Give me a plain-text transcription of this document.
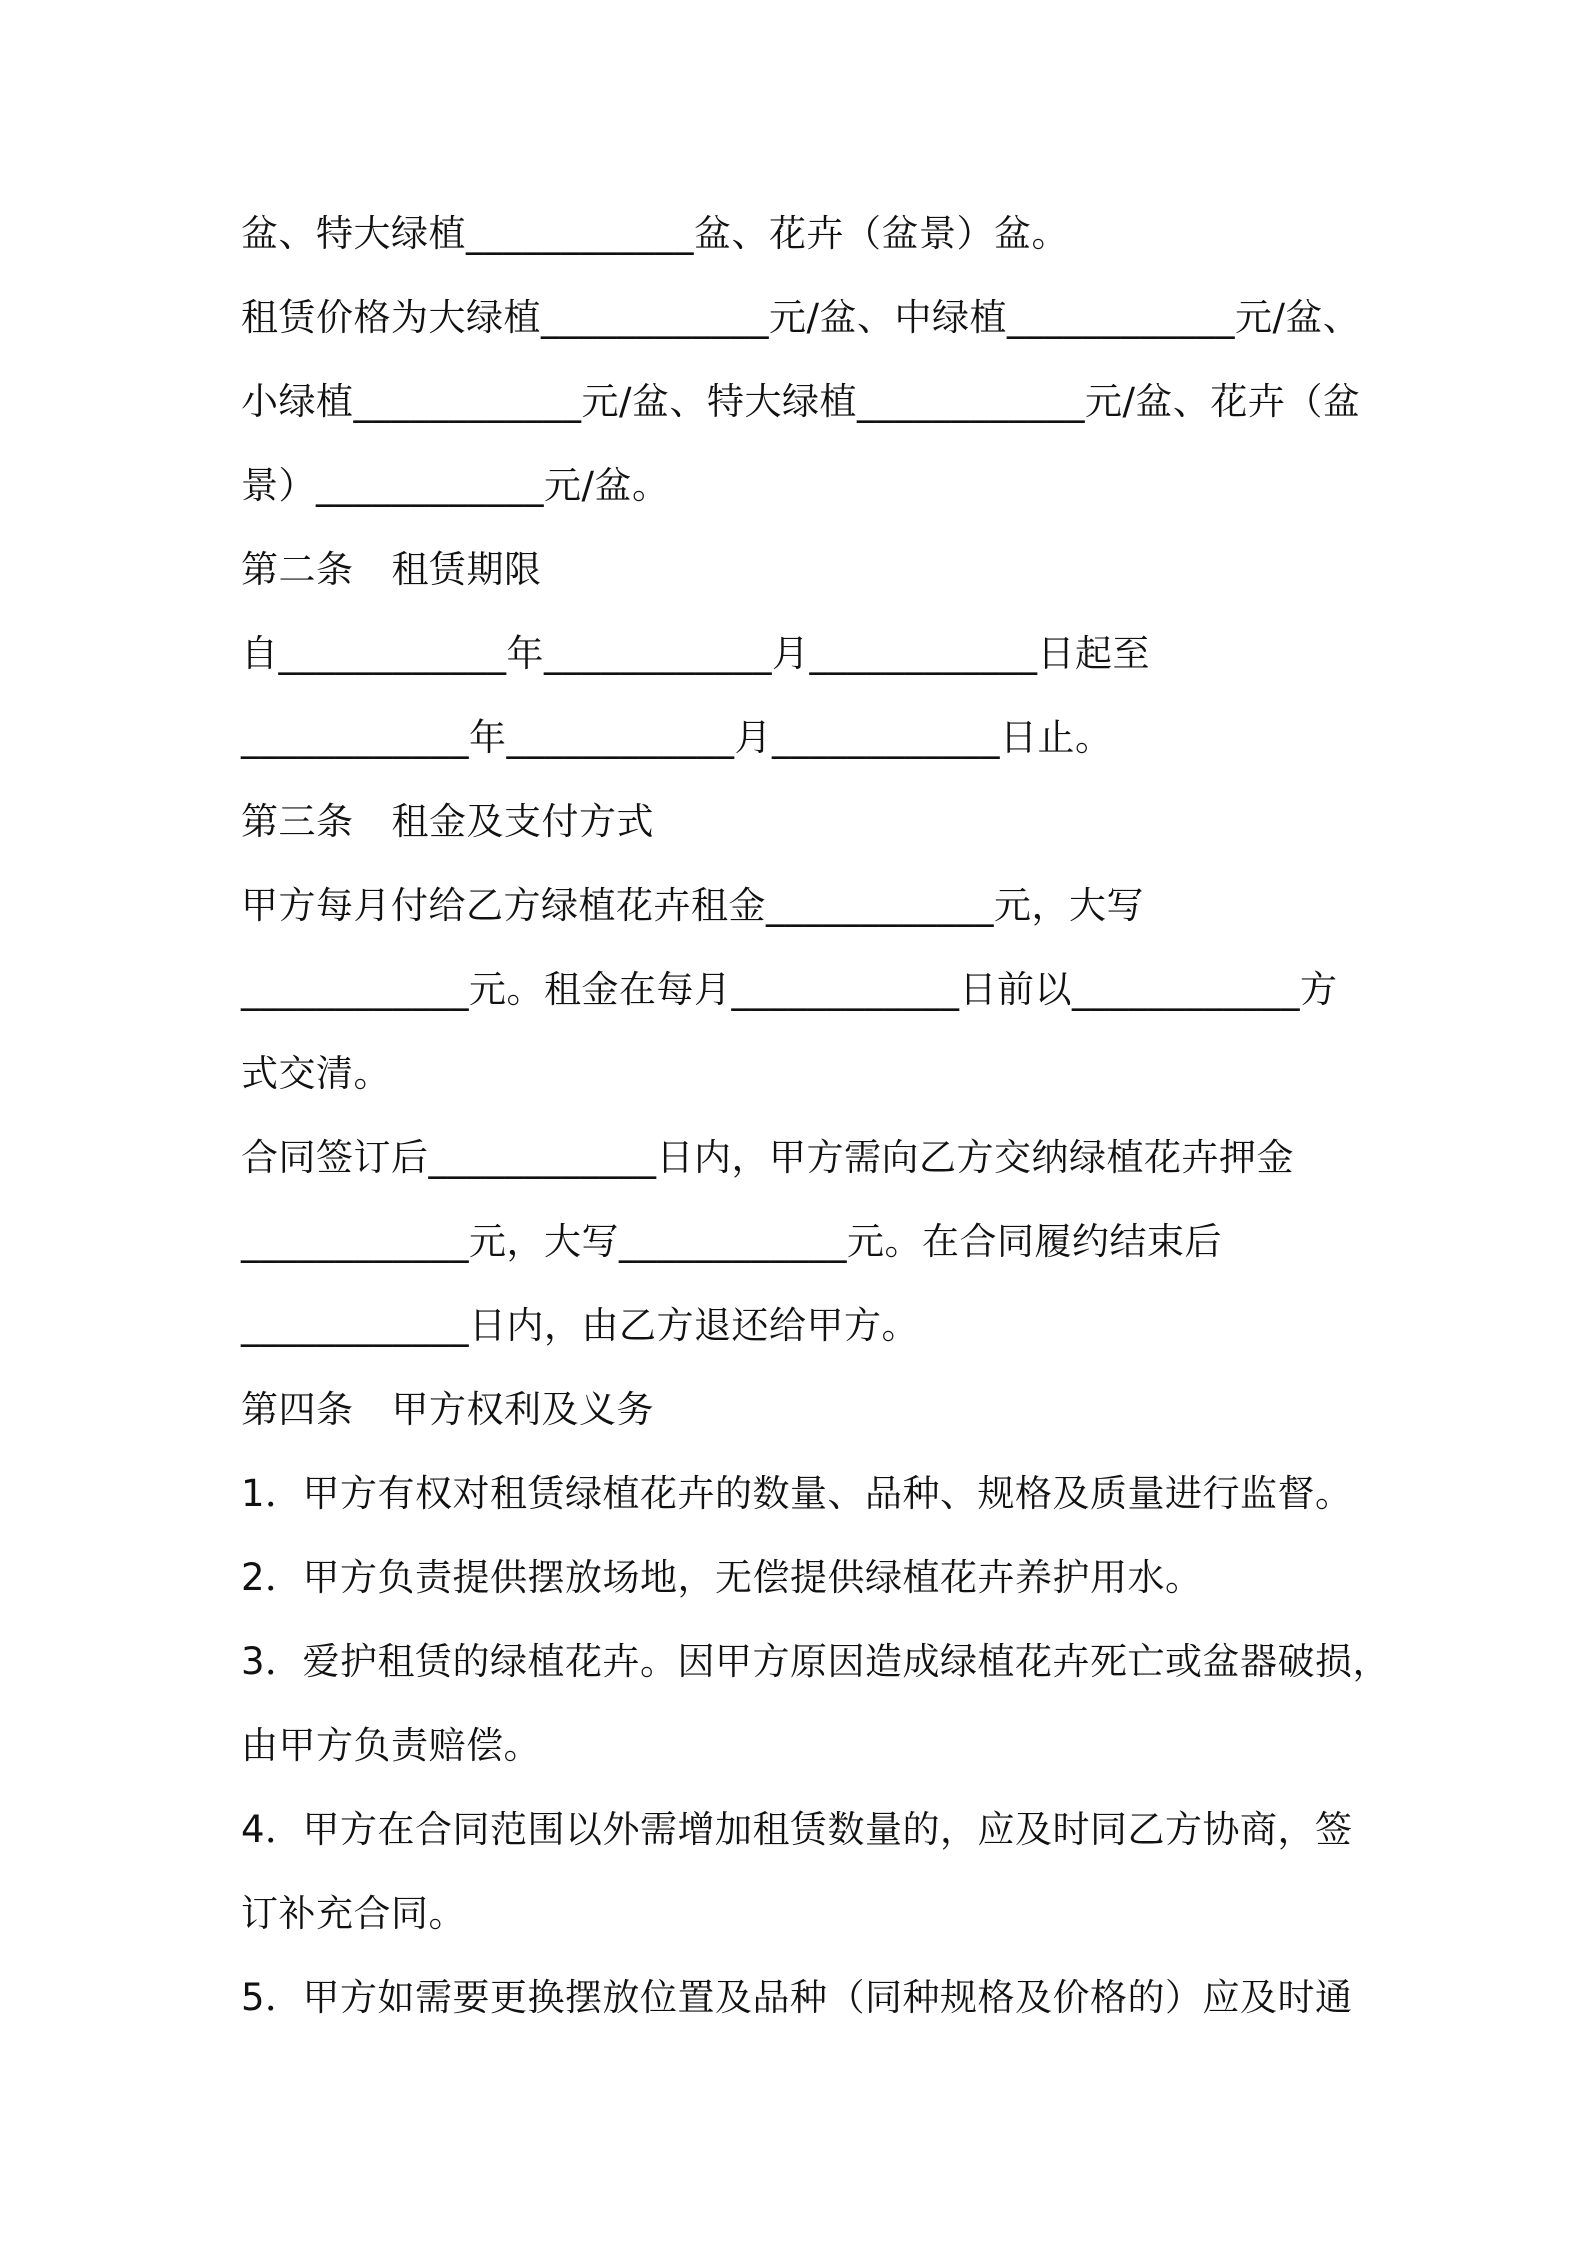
盆、特大绿植____________盆、花卉（盆景）盆。
租赁价格为大绿植____________元/盆、中绿植____________元/盆、
小绿植____________元/盆、特大绿植____________元/盆、花卉（盆
景）____________元/盆。
第二条 租赁期限
自____________年____________月____________日起至
____________年____________月____________日止。
第三条 租金及支付方式
甲方每月付给乙方绿植花卉租金____________元，大写
____________元。租金在每月____________日前以____________方
式交清。
合同签订后____________日内，甲方需向乙方交纳绿植花卉押金
____________元，大写____________元。在合同履约结束后
____________日内，由乙方退还给甲方。
第四条 甲方权利及义务
1．甲方有权对租赁绿植花卉的数量、品种、规格及质量进行监督。
2．甲方负责提供摆放场地，无偿提供绿植花卉养护用水。
3．爱护租赁的绿植花卉。因甲方原因造成绿植花卉死亡或盆器破损，
由甲方负责赔偿。
4．甲方在合同范围以外需增加租赁数量的，应及时同乙方协商，签
订补充合同。
5．甲方如需要更换摆放位置及品种（同种规格及价格的）应及时通
